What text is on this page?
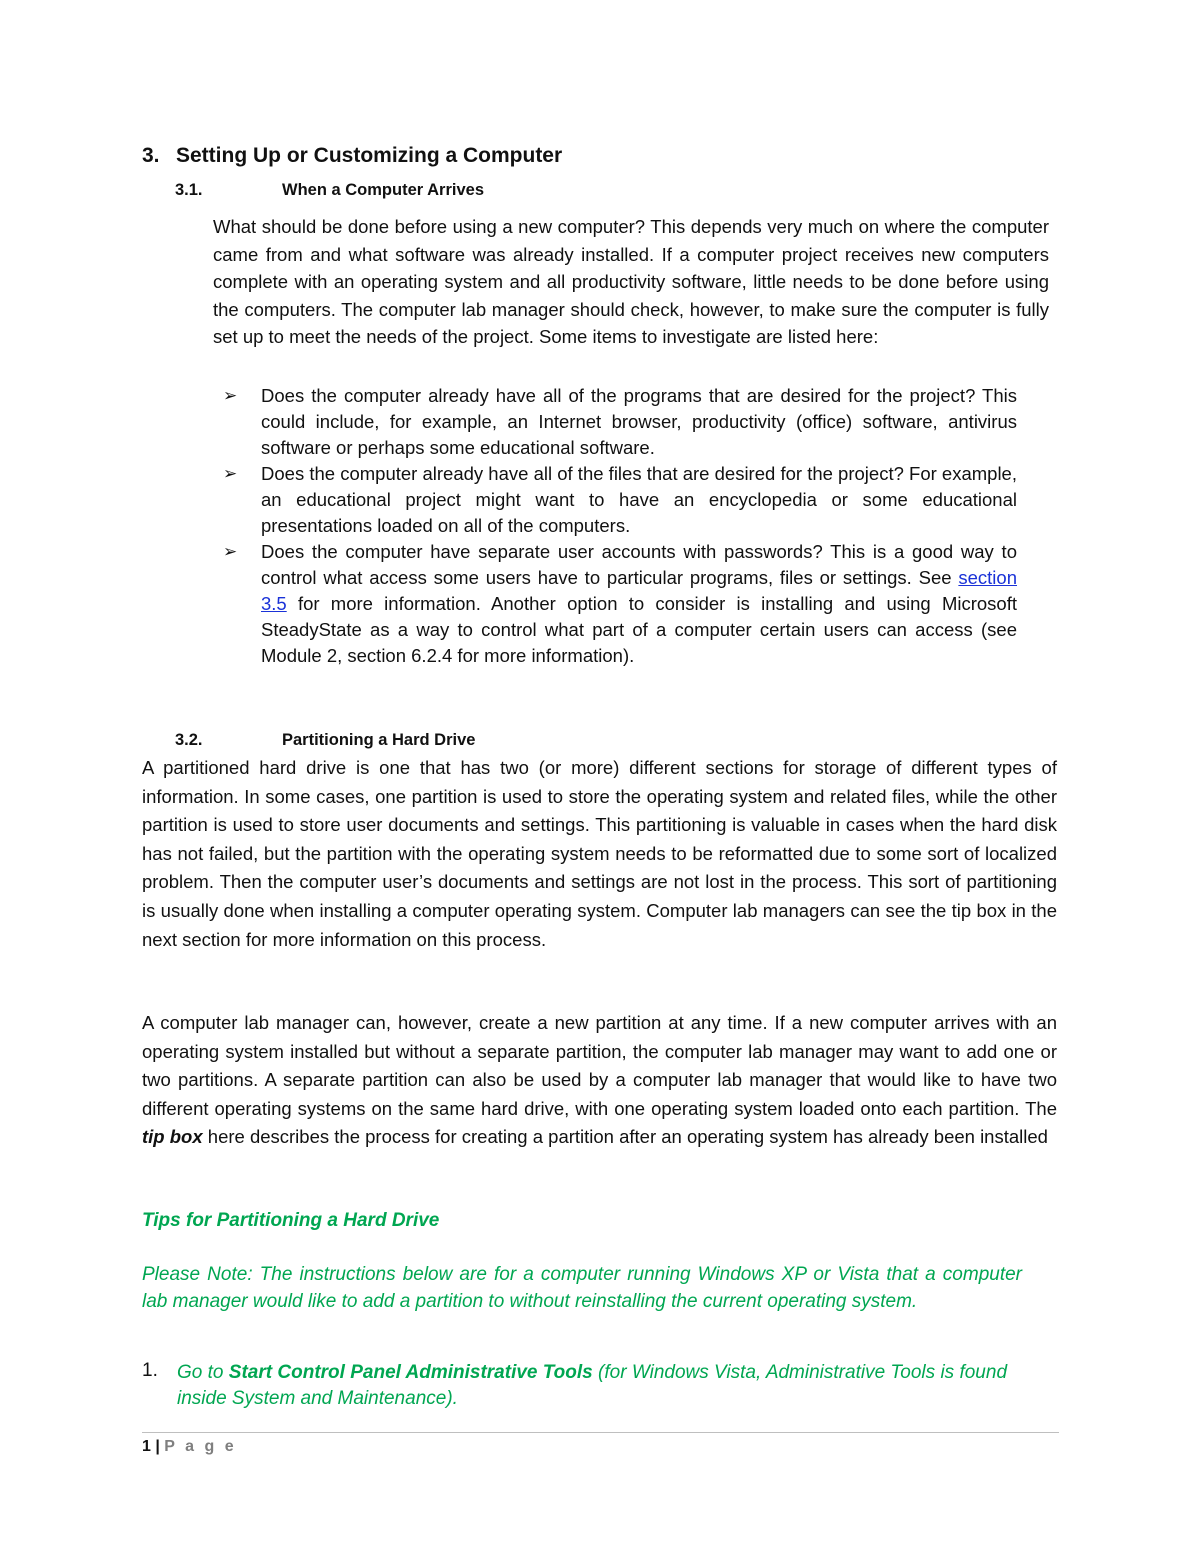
3. Setting Up or Customizing a Computer
3.1.	When a Computer Arrives
What should be done before using a new computer? This depends very much on where the computer came from and what software was already installed. If a computer project receives new computers complete with an operating system and all productivity software, little needs to be done before using the computers. The computer lab manager should check, however, to make sure the computer is fully set up to meet the needs of the project. Some items to investigate are listed here:
➢ Does the computer already have all of the programs that are desired for the project? This could include, for example, an Internet browser, productivity (office) software, antivirus software or perhaps some educational software.
➢ Does the computer already have all of the files that are desired for the project? For example, an educational project might want to have an encyclopedia or some educational presentations loaded on all of the computers.
➢ Does the computer have separate user accounts with passwords? This is a good way to control what access some users have to particular programs, files or settings. See section 3.5 for more information. Another option to consider is installing and using Microsoft SteadyState as a way to control what part of a computer certain users can access (see Module 2, section 6.2.4 for more information).
3.2.	Partitioning a Hard Drive
A partitioned hard drive is one that has two (or more) different sections for storage of different types of information. In some cases, one partition is used to store the operating system and related files, while the other partition is used to store user documents and settings. This partitioning is valuable in cases when the hard disk has not failed, but the partition with the operating system needs to be reformatted due to some sort of localized problem. Then the computer user’s documents and settings are not lost in the process. This sort of partitioning is usually done when installing a computer operating system. Computer lab managers can see the tip box in the next section for more information on this process.
A computer lab manager can, however, create a new partition at any time. If a new computer arrives with an operating system installed but without a separate partition, the computer lab manager may want to add one or two partitions. A separate partition can also be used by a computer lab manager that would like to have two different operating systems on the same hard drive, with one operating system loaded onto each partition. The tip box here describes the process for creating a partition after an operating system has already been installed
Tips for Partitioning a Hard Drive
Please Note: The instructions below are for a computer running Windows XP or Vista that a computer lab manager would like to add a partition to without reinstalling the current operating system.
1. Go to Start Control Panel Administrative Tools (for Windows Vista, Administrative Tools is found inside System and Maintenance).
1 | P a g e
